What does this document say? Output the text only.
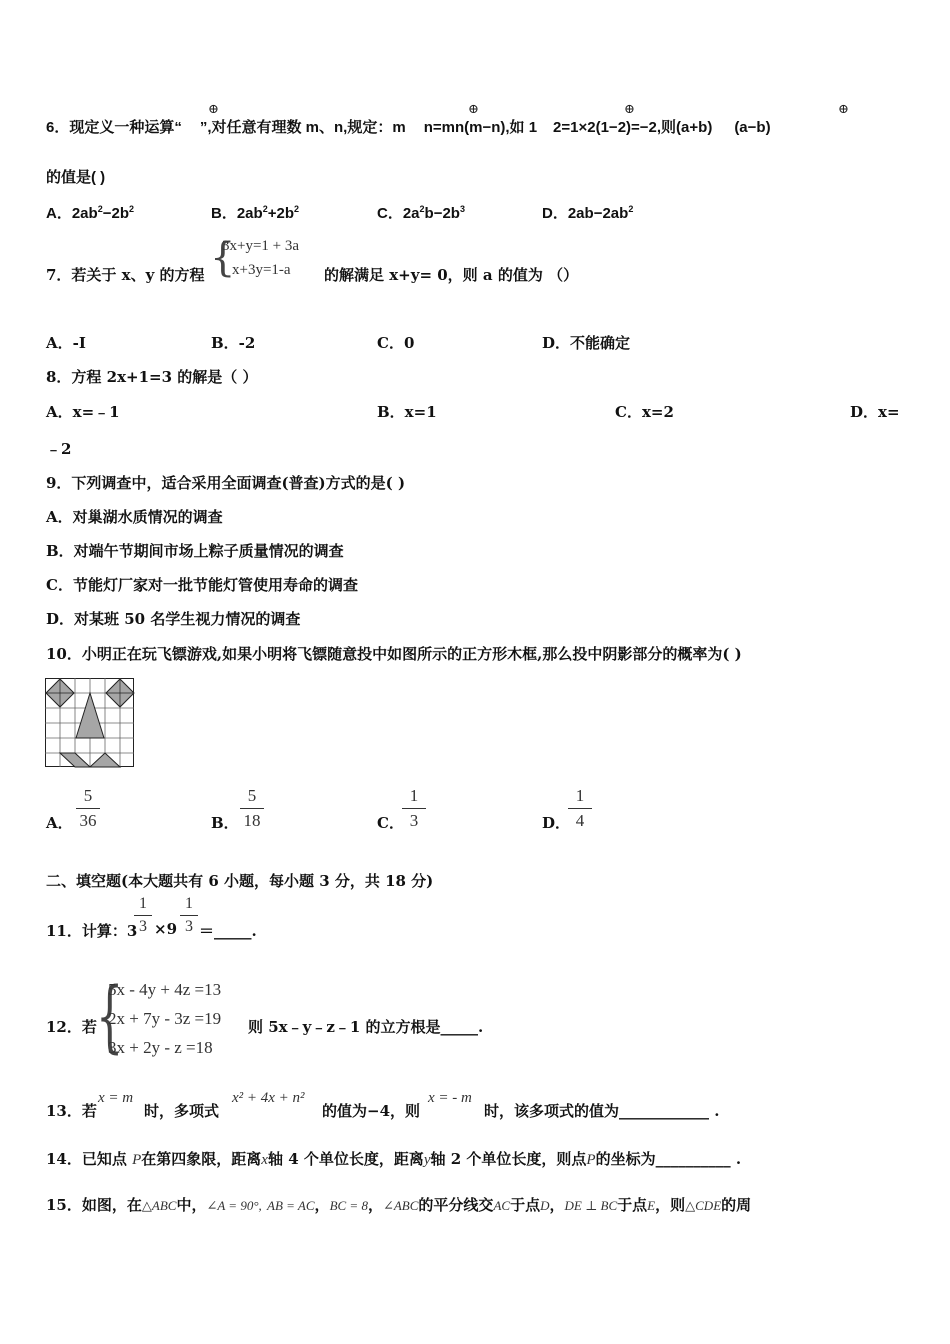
6．现定义一种运算“ ”,对任意有理数 m、n,规定：m n=mn(m−n),如 1 2=1×2(1−2)=−2,则(a+b) (a−b)
⊕	⊕	⊕	⊕
的值是( )
A．$2ab^2-2b^2$	B．$2ab^2+2b^2$	C．$2a^2b-2b^3$	D．$2ab-2ab^2$
7．若关于 x、y 的方程 {
3x+y=1 + 3a
x+3y=1-a 的解满足 x+y= 0，则 a 的值为 （）
A．-I	B．-2	C．0	D．不能确定
8．方程 2x+1=3 的解是（ ）
A．x=﹣1	B．x=1	C．x=2	D．x=
﹣2
9．下列调查中，适合采用全面调查(普查)方式的是( )
A．对巢湖水质情况的调查
B．对端午节期间市场上粽子质量情况的调查
C．节能灯厂家对一批节能灯管使用寿命的调查
D．对某班 50 名学生视力情况的调查
10．小明正在玩飞镖游戏,如果小明将飞镖随意投中如图所示的正方形木框,那么投中阴影部分的概率为( )
A． $\frac{5}{36}$	B． $\frac{5}{18}$	C．
$\frac{1}{3}$	D．
$\frac{1}{4}$
二、填空题(本大题共有 6 小题，每小题 3 分，共 18 分)
11．计算：3
$\frac{1}{3} \times 9 \frac{1}{3}$ ＝_____.
12．若 {
5x - 4y + 4z =13
2x + 7y - 3z =19
3x + 2y - z =18
则 5x﹣y﹣z﹣1 的立方根是_____.
13．若
x = m
时，多项式
x² + 4x + n²
的值为−4，则
x = - m
时，该多项式的值为____________ .
14．已知点 P在第四象限，距离x轴 4 个单位长度，距离y轴 2 个单位长度，则点P的坐标为__________ .
15．如图，在△ABC中，∠A = 90°, AB = AC，BC = 8，∠ABC的平分线交AC于点D，DE ⊥ BC于点E，则△CDE的周
